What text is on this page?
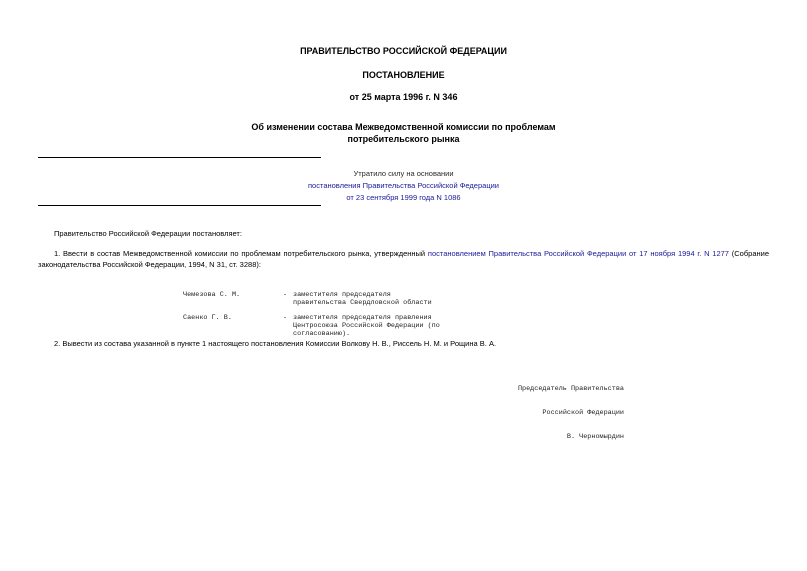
ПРАВИТЕЛЬСТВО РОССИЙСКОЙ ФЕДЕРАЦИИ
ПОСТАНОВЛЕНИЕ
от 25 марта 1996 г. N 346
Об изменении состава Межведомственной комиссии по проблемам
потребительского рынка
Утратило силу на основании
постановления Правительства Российской Федерации
от 23 сентября 1999 года N 1086
Правительство Российской Федерации постановляет:
1. Ввести в состав Межведомственной комиссии по проблемам потребительского рынка, утвержденный постановлением Правительства Российской Федерации от 17 ноября 1994 г. N 1277 (Собрание
законодательства Российской Федерации, 1994, N 31, ст. 3288):
Чемезова С. М.	- заместителя председателя
правительства Свердловской области
Саенко Г. В.	- заместителя председателя правления
Центросоюза Российской Федерации (по
согласованию).
2. Вывести из состава указанной в пункте 1 настоящего постановления Комиссии Волкову Н. В., Риссель Н. М. и Рощина В. А.

Председатель Правительства

Российской Федерации

В. Черномырдин
